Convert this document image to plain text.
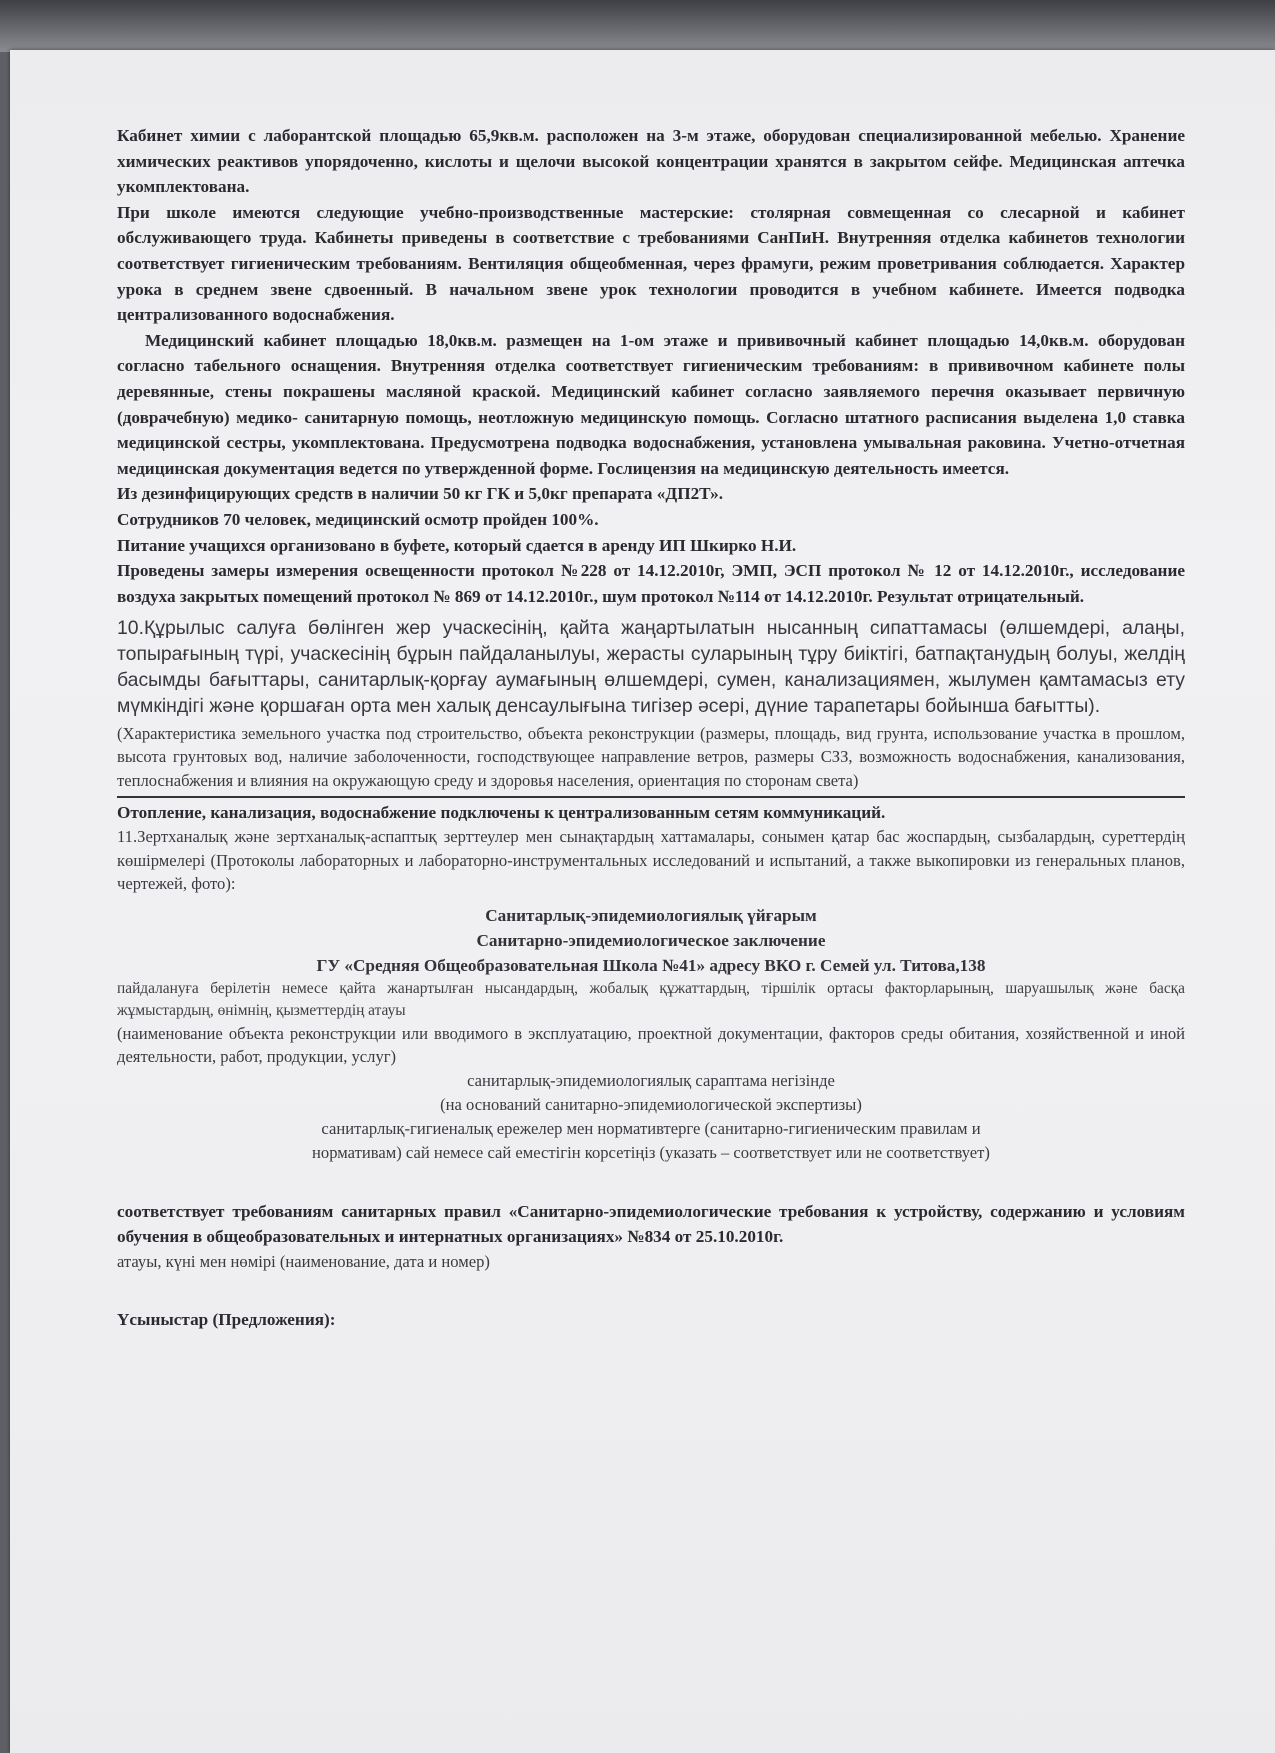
Кабинет химии с лаборантской площадью 65,9кв.м. расположен на 3-м этаже, оборудован специализированной мебелью. Хранение химических реактивов упорядоченно, кислоты и щелочи высокой концентрации хранятся в закрытом сейфе. Медицинская аптечка укомплектована.

При школе имеются следующие учебно-производственные мастерские: столярная совмещенная со слесарной и кабинет обслуживающего труда. Кабинеты приведены в соответствие с требованиями СанПиН. Внутренняя отделка кабинетов технологии соответствует гигиеническим требованиям. Вентиляция общеобменная, через фрамуги, режим проветривания соблюдается. Характер урока в среднем звене сдвоенный. В начальном звене урок технологии проводится в учебном кабинете. Имеется подводка централизованного водоснабжения.

Медицинский кабинет площадью 18,0кв.м. размещен на 1-ом этаже и прививочный кабинет площадью 14,0кв.м. оборудован согласно табельного оснащения. Внутренняя отделка соответствует гигиеническим требованиям: в прививочном кабинете полы деревянные, стены покрашены масляной краской. Медицинский кабинет согласно заявляемого перечня оказывает первичную (доврачебную) медико- санитарную помощь, неотложную медицинскую помощь. Согласно штатного расписания выделена 1,0 ставка медицинской сестры, укомплектована. Предусмотрена подводка водоснабжения, установлена умывальная раковина. Учетно-отчетная медицинская документация ведется по утвержденной форме. Гослицензия на медицинскую деятельность имеется.

Из дезинфицирующих средств в наличии 50 кг ГК и 5,0кг препарата «ДП2Т».

Сотрудников 70 человек, медицинский осмотр пройден 100%.

Питание учащихся организовано в буфете, который сдается в аренду ИП Шкирко Н.И.

Проведены замеры измерения освещенности протокол №228 от 14.12.2010г, ЭМП, ЭСП протокол № 12 от 14.12.2010г., исследование воздуха закрытых помещений протокол № 869 от 14.12.2010г., шум протокол №114 от 14.12.2010г. Результат отрицательный.

10.Құрылыс салуға бөлінген жер учаскесінің, қайта жаңартылатын нысанның сипаттамасы (өлшемдері, алаңы, топырағының түрі, учаскесінің бұрын пайдаланылуы, жерасты суларының тұру биіктігі, батпақтанудың болуы, желдің басымды бағыттары, санитарлық-қорғау аумағының өлшемдері, сумен, канализациямен, жылумен қамтамасыз ету мүмкіндігі және қоршаған орта мен халық денсаулығына тигізер әсері, дүние тарапетары бойынша бағытты).

(Характеристика земельного участка под строительство, объекта реконструкции (размеры, площадь, вид грунта, использование участка в прошлом, высота грунтовых вод, наличие заболоченности, господствующее направление ветров, размеры СЗЗ, возможность водоснабжения, канализования, теплоснабжения и влияния на окружающую среду и здоровья населения, ориентация по сторонам света)

Отопление, канализация, водоснабжение подключены к централизованным сетям коммуникаций.

11.Зертханалық және зертханалық-аспаптық зерттеулер мен сынақтардың хаттамалары, сонымен қатар бас жоспардың, сызбалардың, суреттердің көшірмелері (Протоколы лабораторных и лабораторно-инструментальных исследований и испытаний, а также выкопировки из генеральных планов, чертежей, фото):

Санитарлық-эпидемиологиялық үйғарым

Санитарно-эпидемиологическое заключение

ГУ «Средняя Общеобразовательная Школа №41» адресу ВКО г. Семей ул. Титова,138

пайдалануға берілетін немесе қайта жанартылған нысандардың, жобалық құжаттардың, тіршілік ортасы факторларының, шаруашылық және басқа жұмыстардың, өнімнің, қызметтердің атауы

(наименование объекта реконструкции или вводимого в эксплуатацию, проектной документации, факторов среды обитания, хозяйственной и иной деятельности, работ, продукции, услуг)

санитарлық-эпидемиологиялық сараптама негізінде

(на оснований санитарно-эпидемиологической экспертизы)

санитарлық-гигиеналық ережелер мен нормативтерге (санитарно-гигиеническим правилам и

нормативам) сай немесе сай еместігін корсетіңіз (указать – соответствует или не соответствует)

соответствует требованиям санитарных правил «Санитарно-эпидемиологические требования к устройству, содержанию и условиям обучения в общеобразовательных и интернатных организациях» №834 от 25.10.2010г.

атауы, күні мен нөмірі (наименование, дата и номер)

Үсыныстар (Предложения):
